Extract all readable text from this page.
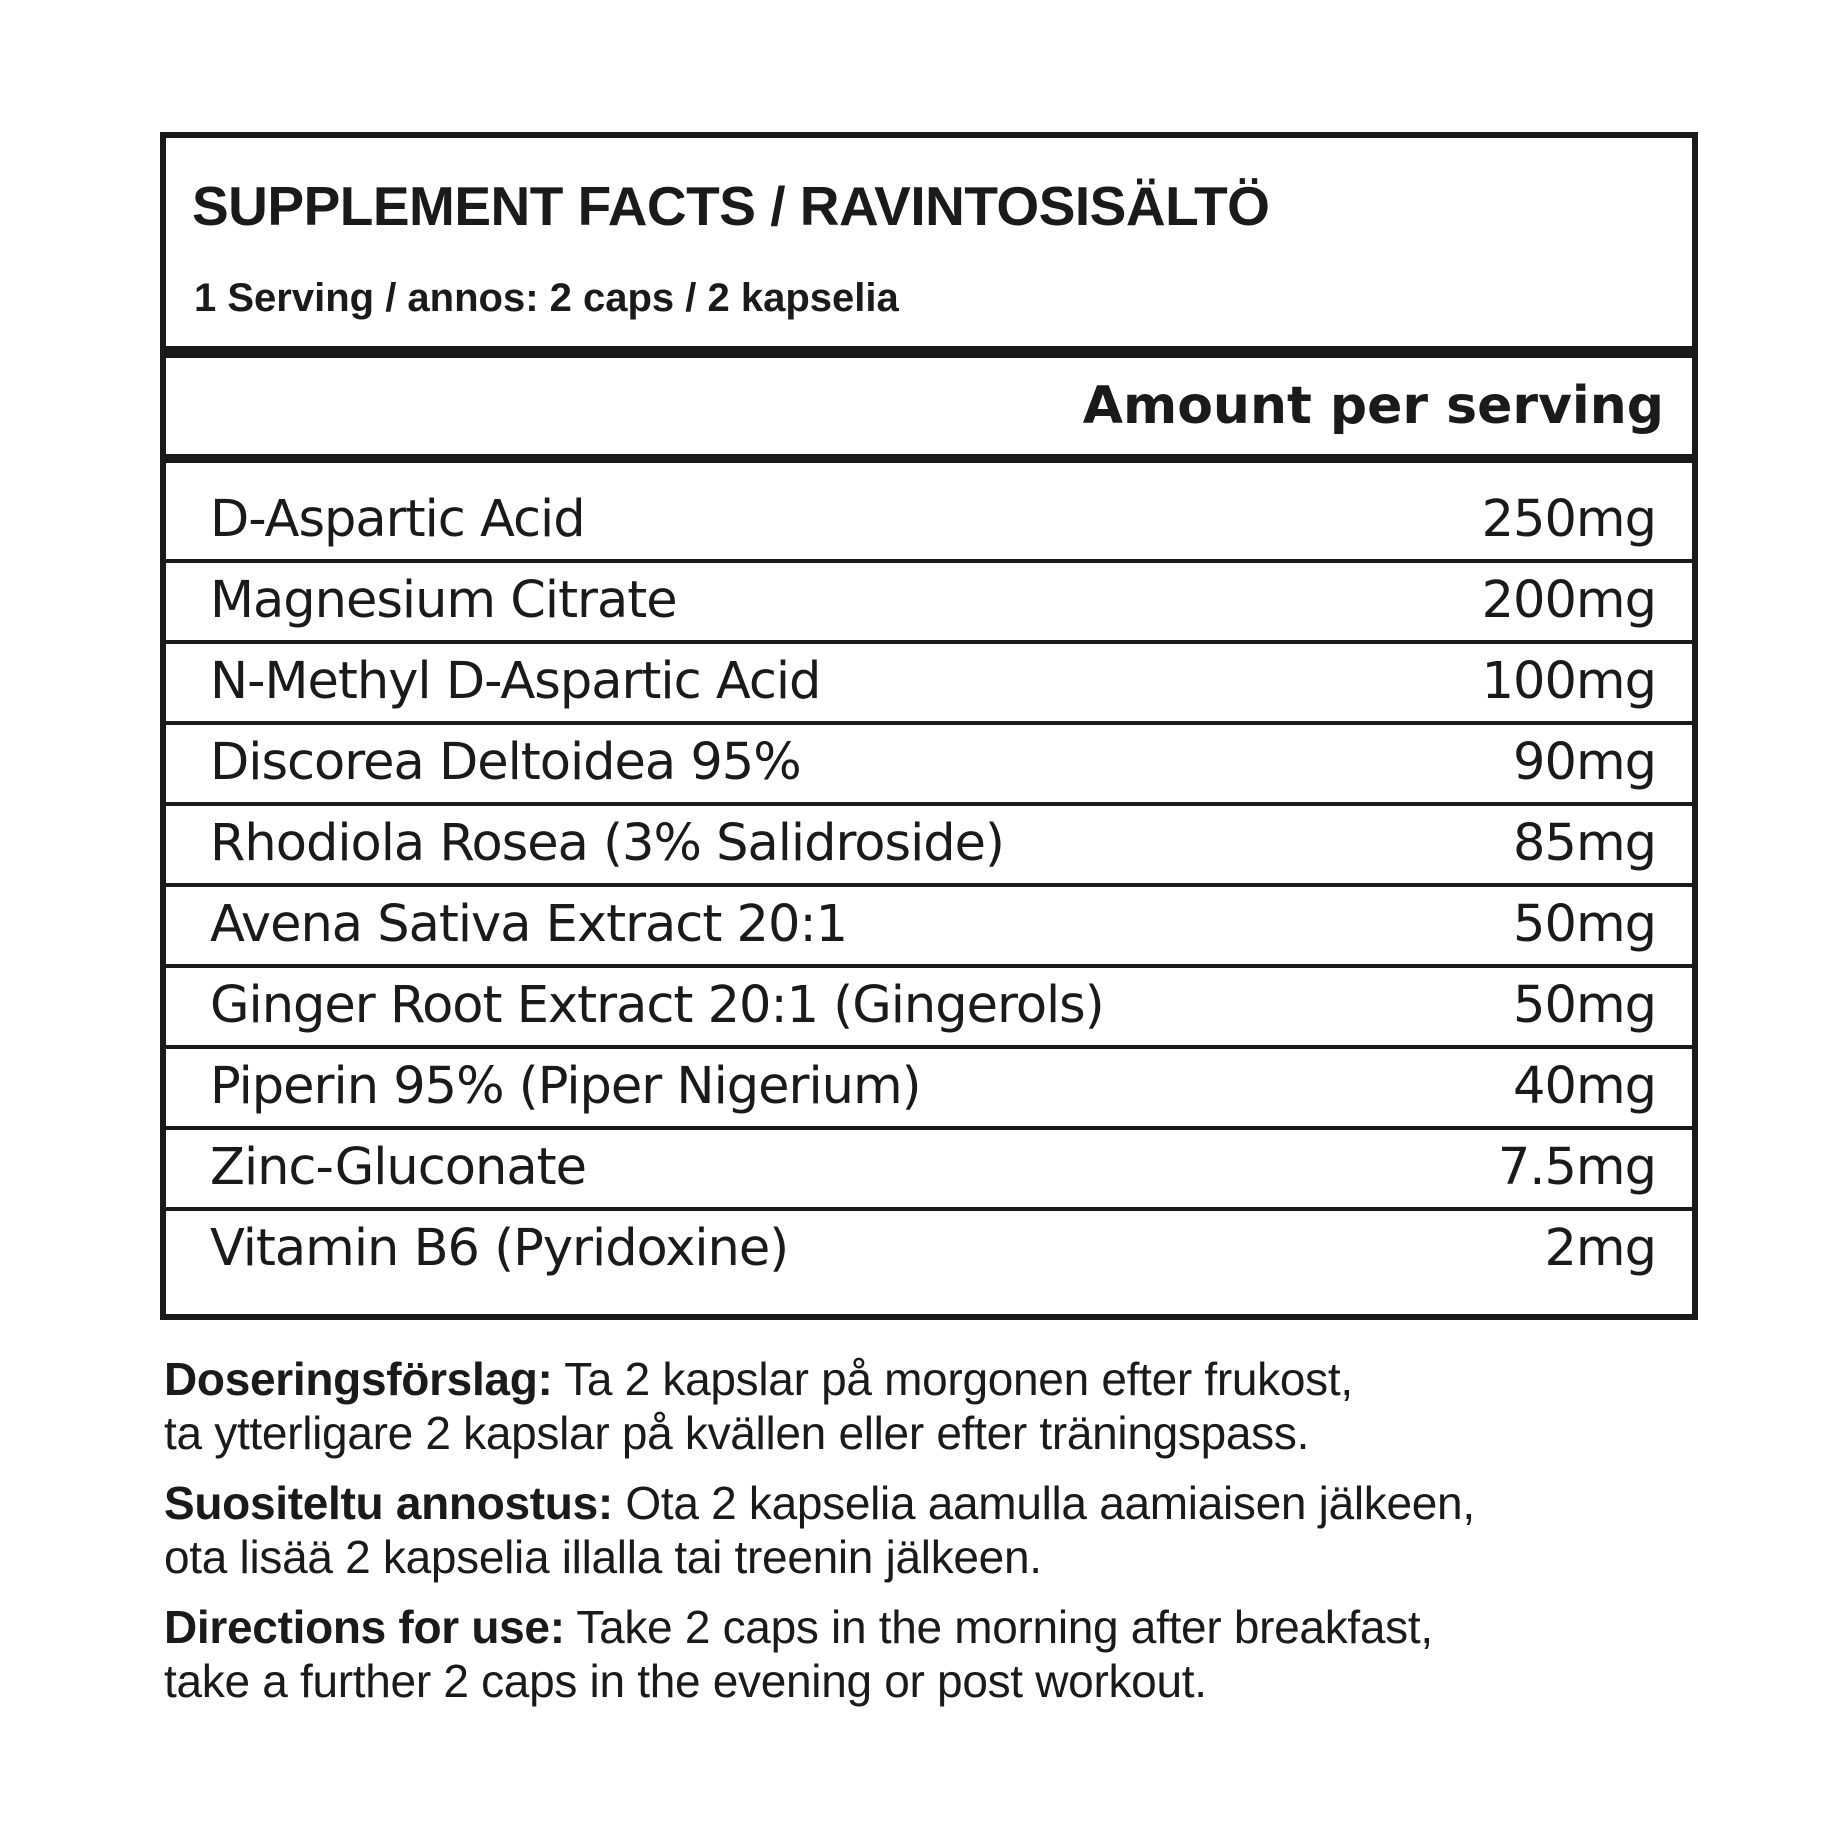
SUPPLEMENT FACTS / RAVINTOSISÄLTÖ
1 Serving / annos: 2 caps / 2 kapselia
Amount per serving
D-Aspartic Acid	250mg
Magnesium Citrate	200mg
N-Methyl D-Aspartic Acid	100mg
Discorea Deltoidea 95%	90mg
Rhodiola Rosea (3% Salidroside)	85mg
Avena Sativa Extract 20:1	50mg
Ginger Root Extract 20:1 (Gingerols)	50mg
Piperin 95% (Piper Nigerium)	40mg
Zinc-Gluconate	7.5mg
Vitamin B6 (Pyridoxine)	2mg
Doseringsförslag: Ta 2 kapslar på morgonen efter frukost,
ta ytterligare 2 kapslar på kvällen eller efter träningspass.
Suositeltu annostus: Ota 2 kapselia aamulla aamiaisen jälkeen,
ota lisää 2 kapselia illalla tai treenin jälkeen.
Directions for use: Take 2 caps in the morning after breakfast,
take a further 2 caps in the evening or post workout.
